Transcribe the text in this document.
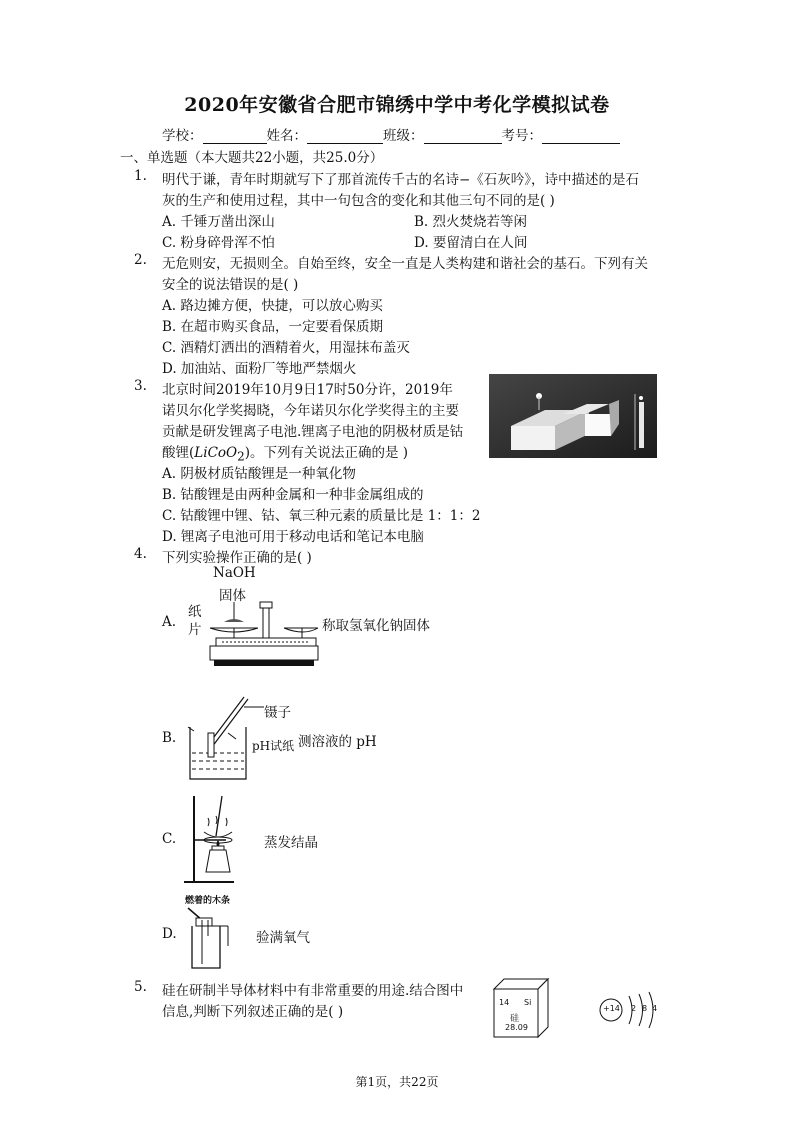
2020年安徽省合肥市锦绣中学中考化学模拟试卷
学校：	姓名：	班级：	考号：
一、单选题（本大题共22小题，共25.0分）
1. 明代于谦，青年时期就写下了那首流传千古的名诗−《石灰吟》，诗中描述的是石
灰的生产和使用过程，其中一句包含的变化和其他三句不同的是( )
A. 千锤万凿出深山	B. 烈火焚烧若等闲
C. 粉身碎骨浑不怕	D. 要留清白在人间
2. 无危则安，无损则全。自始至终，安全一直是人类构建和谐社会的基石。下列有关
安全的说法错误的是( )
A. 路边摊方便，快捷，可以放心购买
B. 在超市购买食品，一定要看保质期
C. 酒精灯洒出的酒精着火，用湿抹布盖灭
D. 加油站、面粉厂等地严禁烟火
3. 北京时间2019年10月9日17时50分许，2019年
诺贝尔化学奖揭晓，今年诺贝尔化学奖得主的主要
贡献是研发锂离子电池.锂离子电池的阴极材质是钴
酸锂(LiCoO$_2$)。下列有关说法正确的是 )
A. 阴极材质钴酸锂是一种氧化物
B. 钴酸锂是由两种金属和一种非金属组成的
C. 钴酸锂中锂、钴、氧三种元素的质量比是 1：1：2
D. 锂离子电池可用于移动电话和笔记本电脑
4. 下列实验操作正确的是( )
NaOH
固体
纸
片
A.	称取氢氧化钠固体
镊子
B.	pH试纸 测溶液的 pH
C.	蒸发结晶
燃着的木条
D.	验满氧气
5. 硅在研制半导体材料中有非常重要的用途.结合图中
信息,判断下列叙述正确的是( )
14 Si
硅
28.09
+14 2 8 4
第1页，共22页
